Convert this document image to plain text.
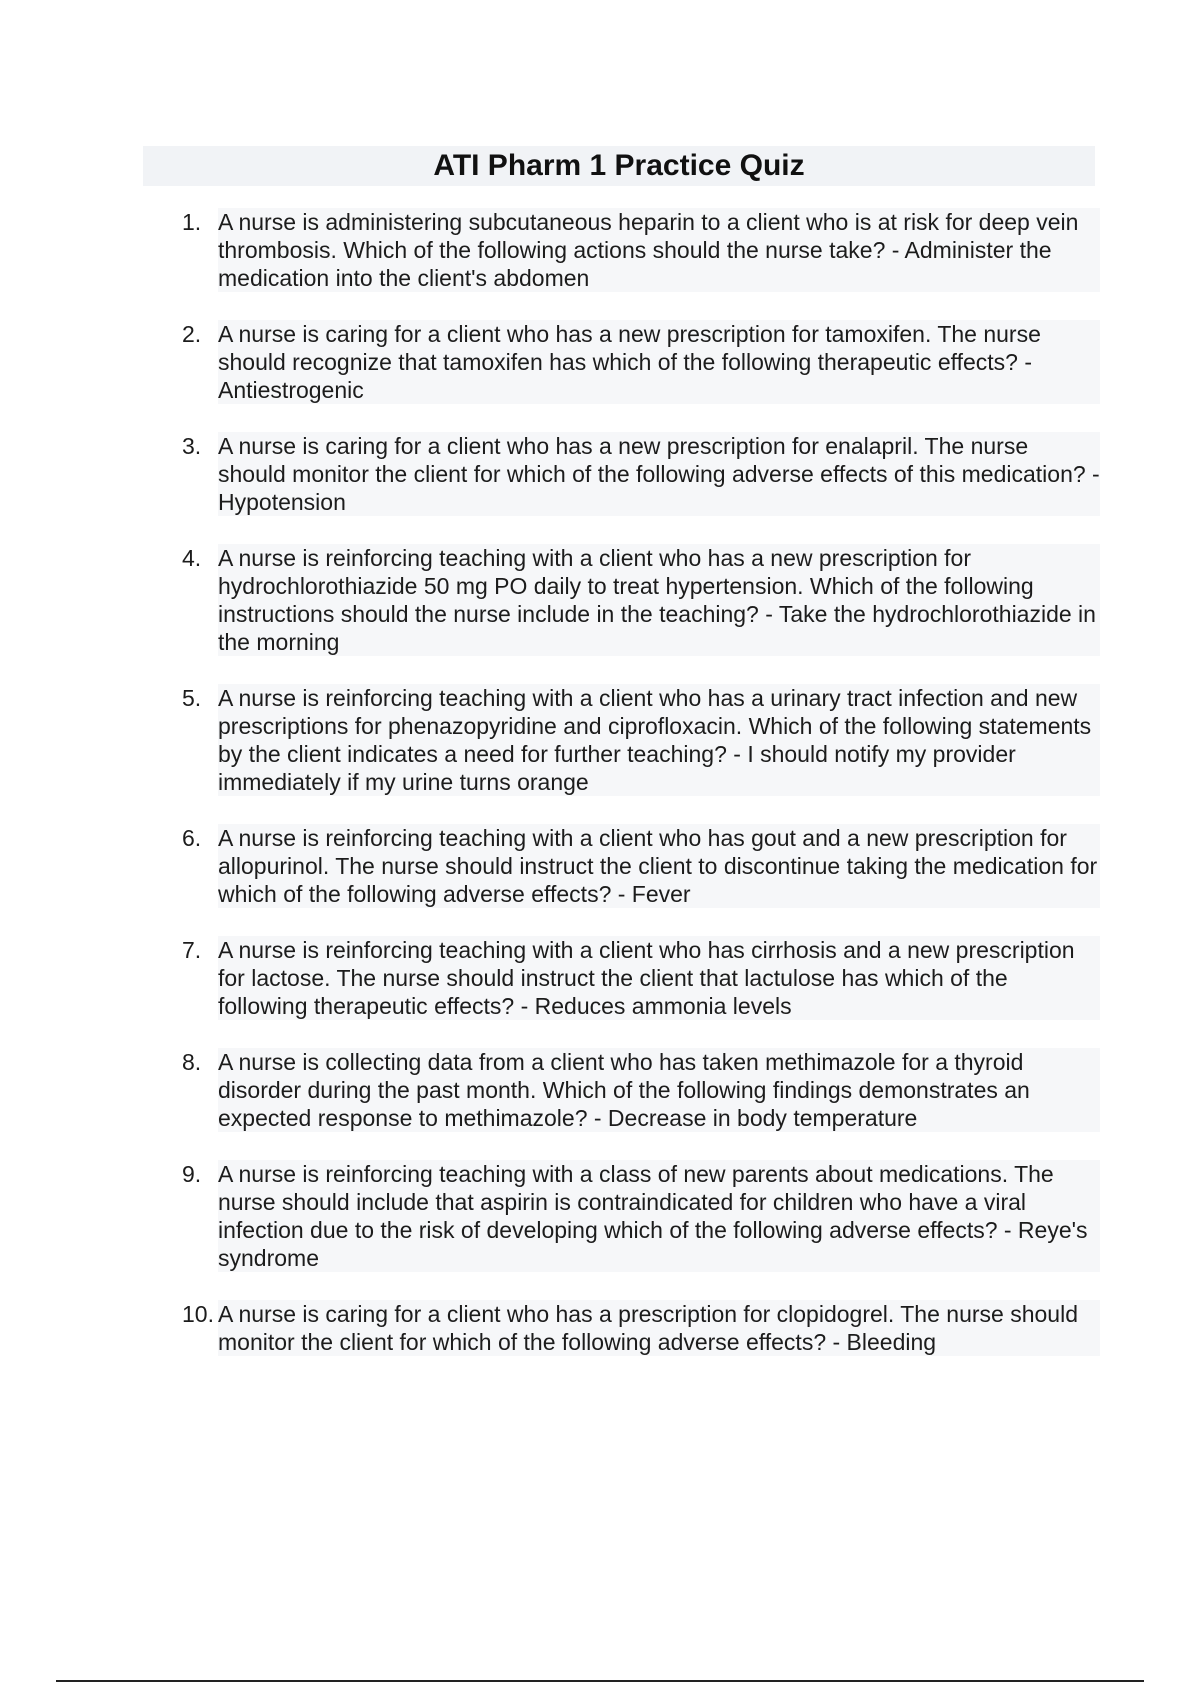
ATI Pharm 1 Practice Quiz
1. A nurse is administering subcutaneous heparin to a client who is at risk for deep vein thrombosis. Which of the following actions should the nurse take? - Administer the medication into the client's abdomen
2. A nurse is caring for a client who has a new prescription for tamoxifen. The nurse should recognize that tamoxifen has which of the following therapeutic effects? - Antiestrogenic
3. A nurse is caring for a client who has a new prescription for enalapril. The nurse should monitor the client for which of the following adverse effects of this medication? - Hypotension
4. A nurse is reinforcing teaching with a client who has a new prescription for hydrochlorothiazide 50 mg PO daily to treat hypertension. Which of the following instructions should the nurse include in the teaching? - Take the hydrochlorothiazide in the morning
5. A nurse is reinforcing teaching with a client who has a urinary tract infection and new prescriptions for phenazopyridine and ciprofloxacin. Which of the following statements by the client indicates a need for further teaching? - I should notify my provider immediately if my urine turns orange
6. A nurse is reinforcing teaching with a client who has gout and a new prescription for allopurinol. The nurse should instruct the client to discontinue taking the medication for which of the following adverse effects? - Fever
7. A nurse is reinforcing teaching with a client who has cirrhosis and a new prescription for lactose. The nurse should instruct the client that lactulose has which of the following therapeutic effects? - Reduces ammonia levels
8. A nurse is collecting data from a client who has taken methimazole for a thyroid disorder during the past month. Which of the following findings demonstrates an expected response to methimazole? - Decrease in body temperature
9. A nurse is reinforcing teaching with a class of new parents about medications. The nurse should include that aspirin is contraindicated for children who have a viral infection due to the risk of developing which of the following adverse effects? - Reye's syndrome
10. A nurse is caring for a client who has a prescription for clopidogrel. The nurse should monitor the client for which of the following adverse effects? - Bleeding
